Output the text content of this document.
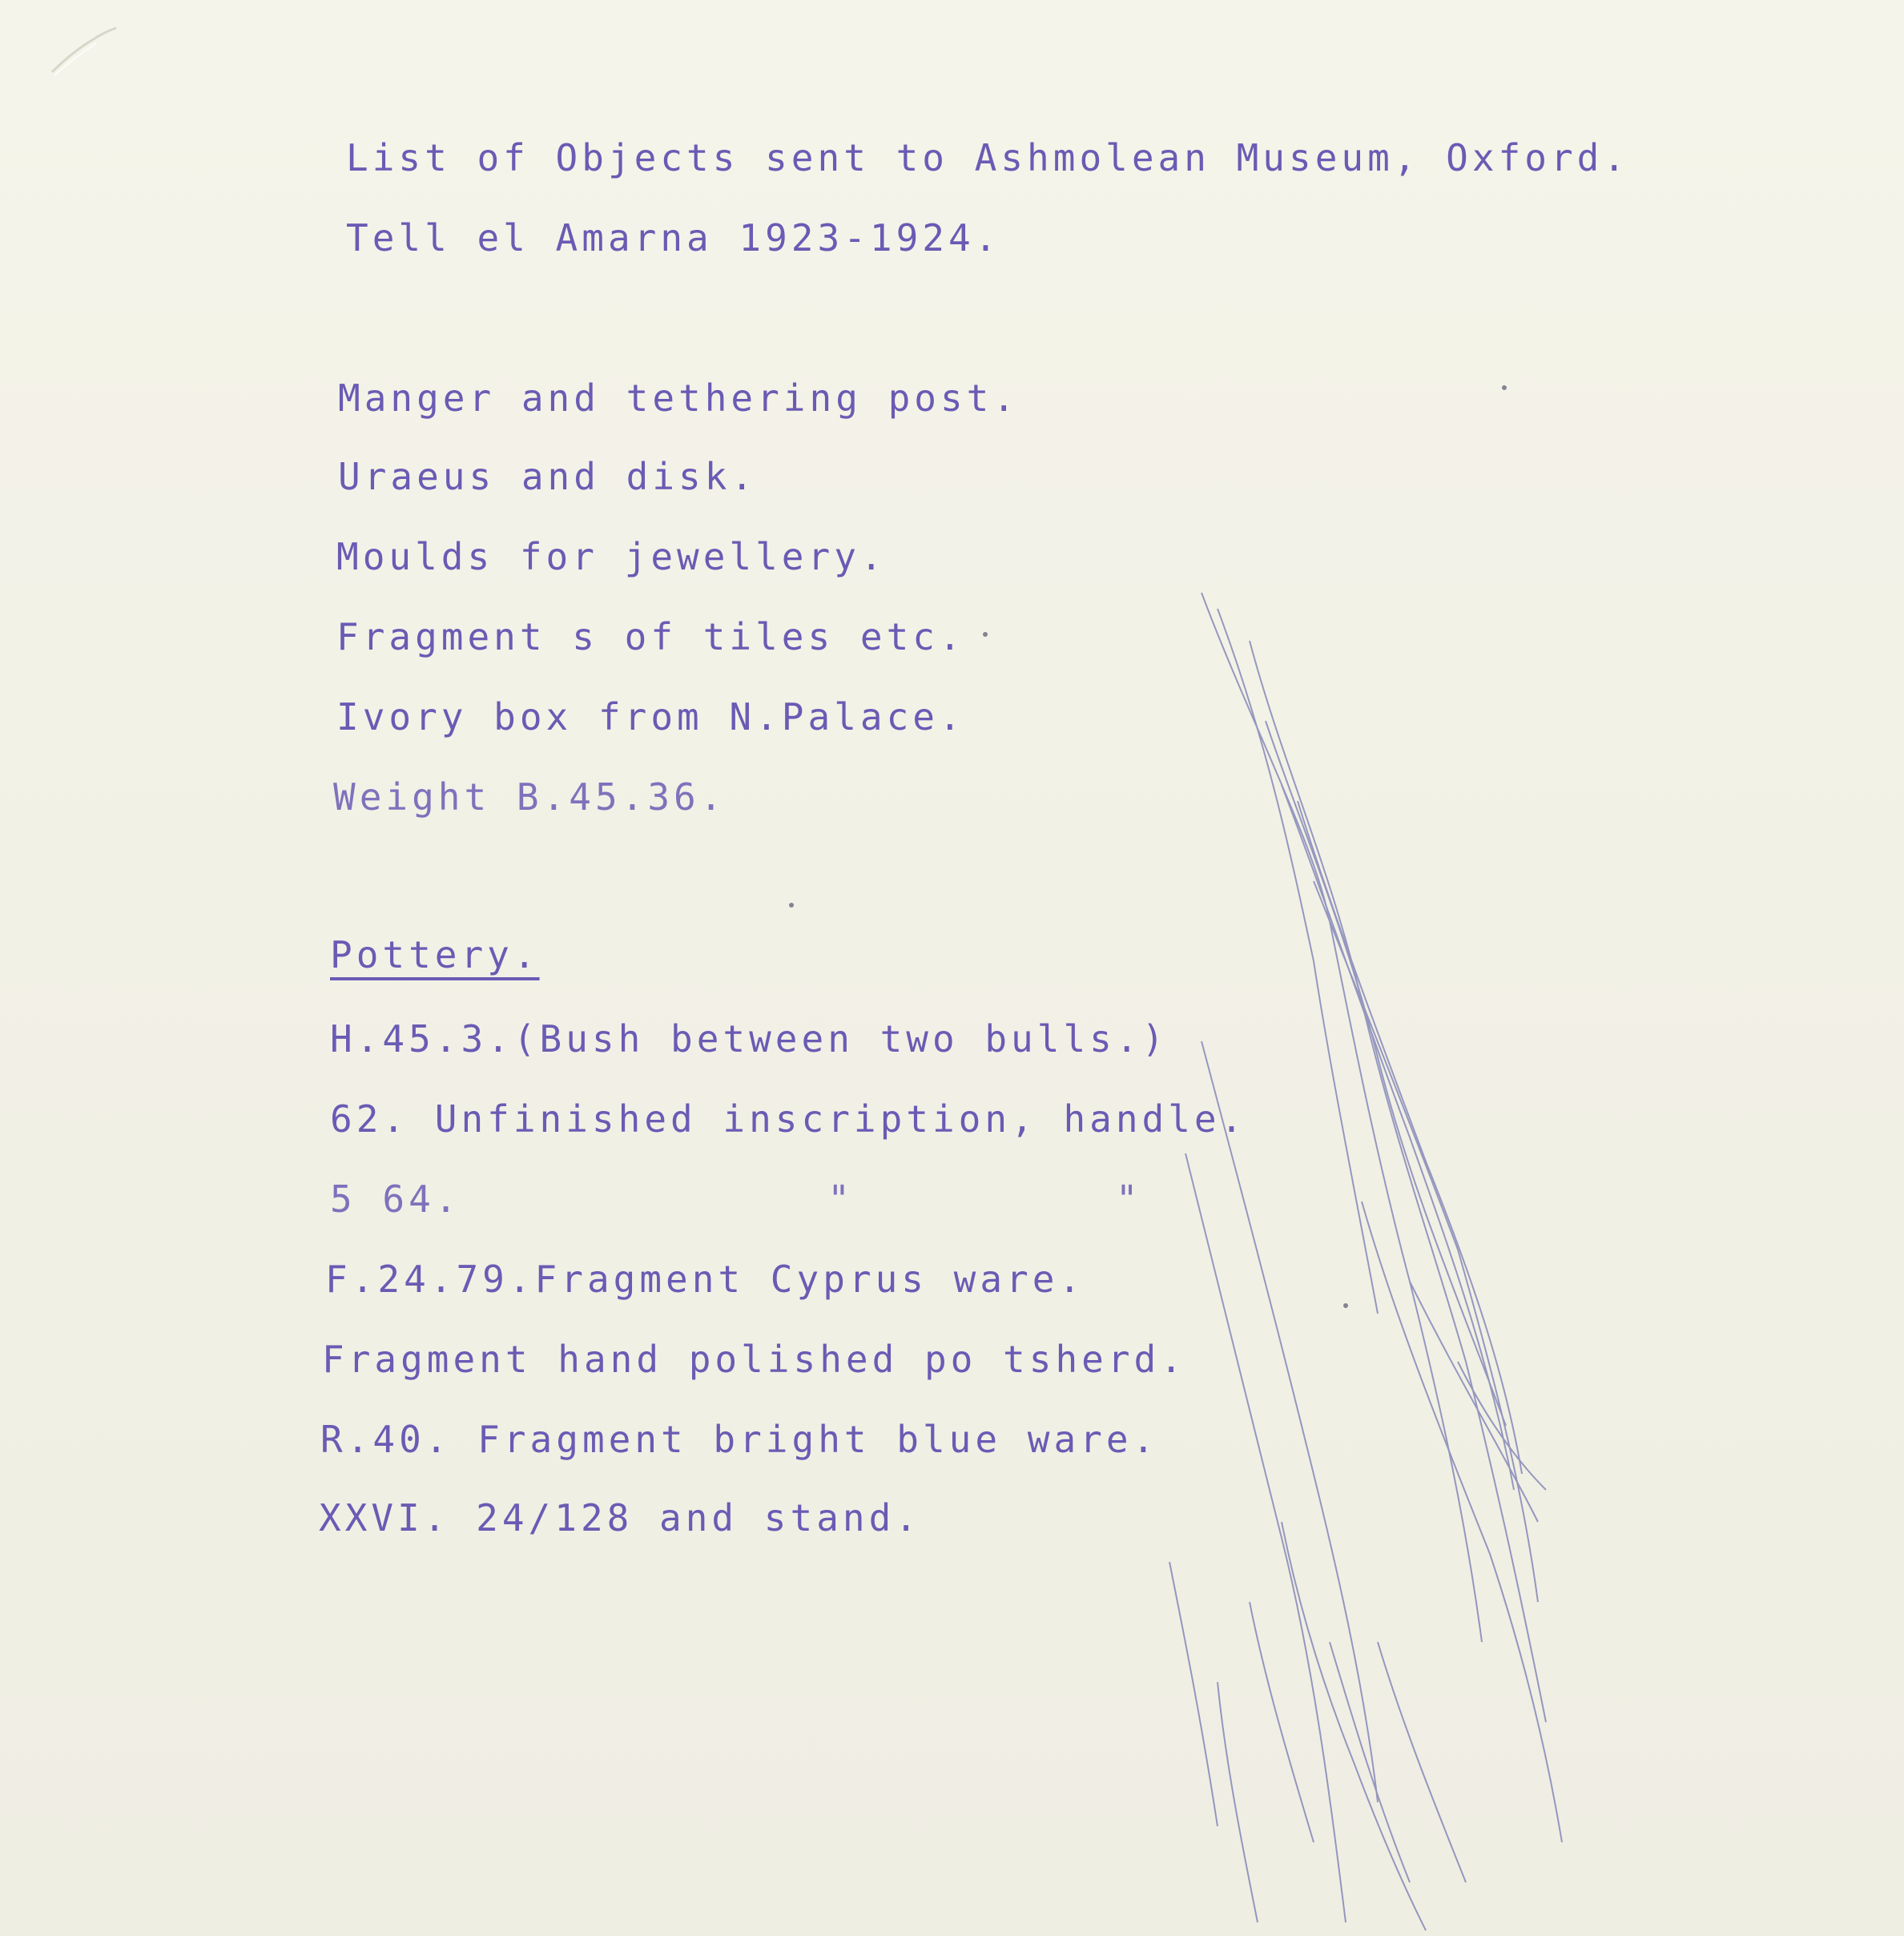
List of Objects sent to Ashmolean Museum, Oxford.
Tell el Amarna 1923-1924.
Manger and tethering post.
Uraeus and disk.
Moulds for jewellery.
Fragment s of tiles etc.
Ivory box from N.Palace.
Weight B.45.36.
Pottery.
H.45.3.(Bush between two bulls.)
62. Unfinished inscription, handle.
5 64.              "          "
F.24.79.Fragment Cyprus ware.
Fragment hand polished po tsherd.
R.40. Fragment bright blue ware.
XXVI. 24/128 and stand.
